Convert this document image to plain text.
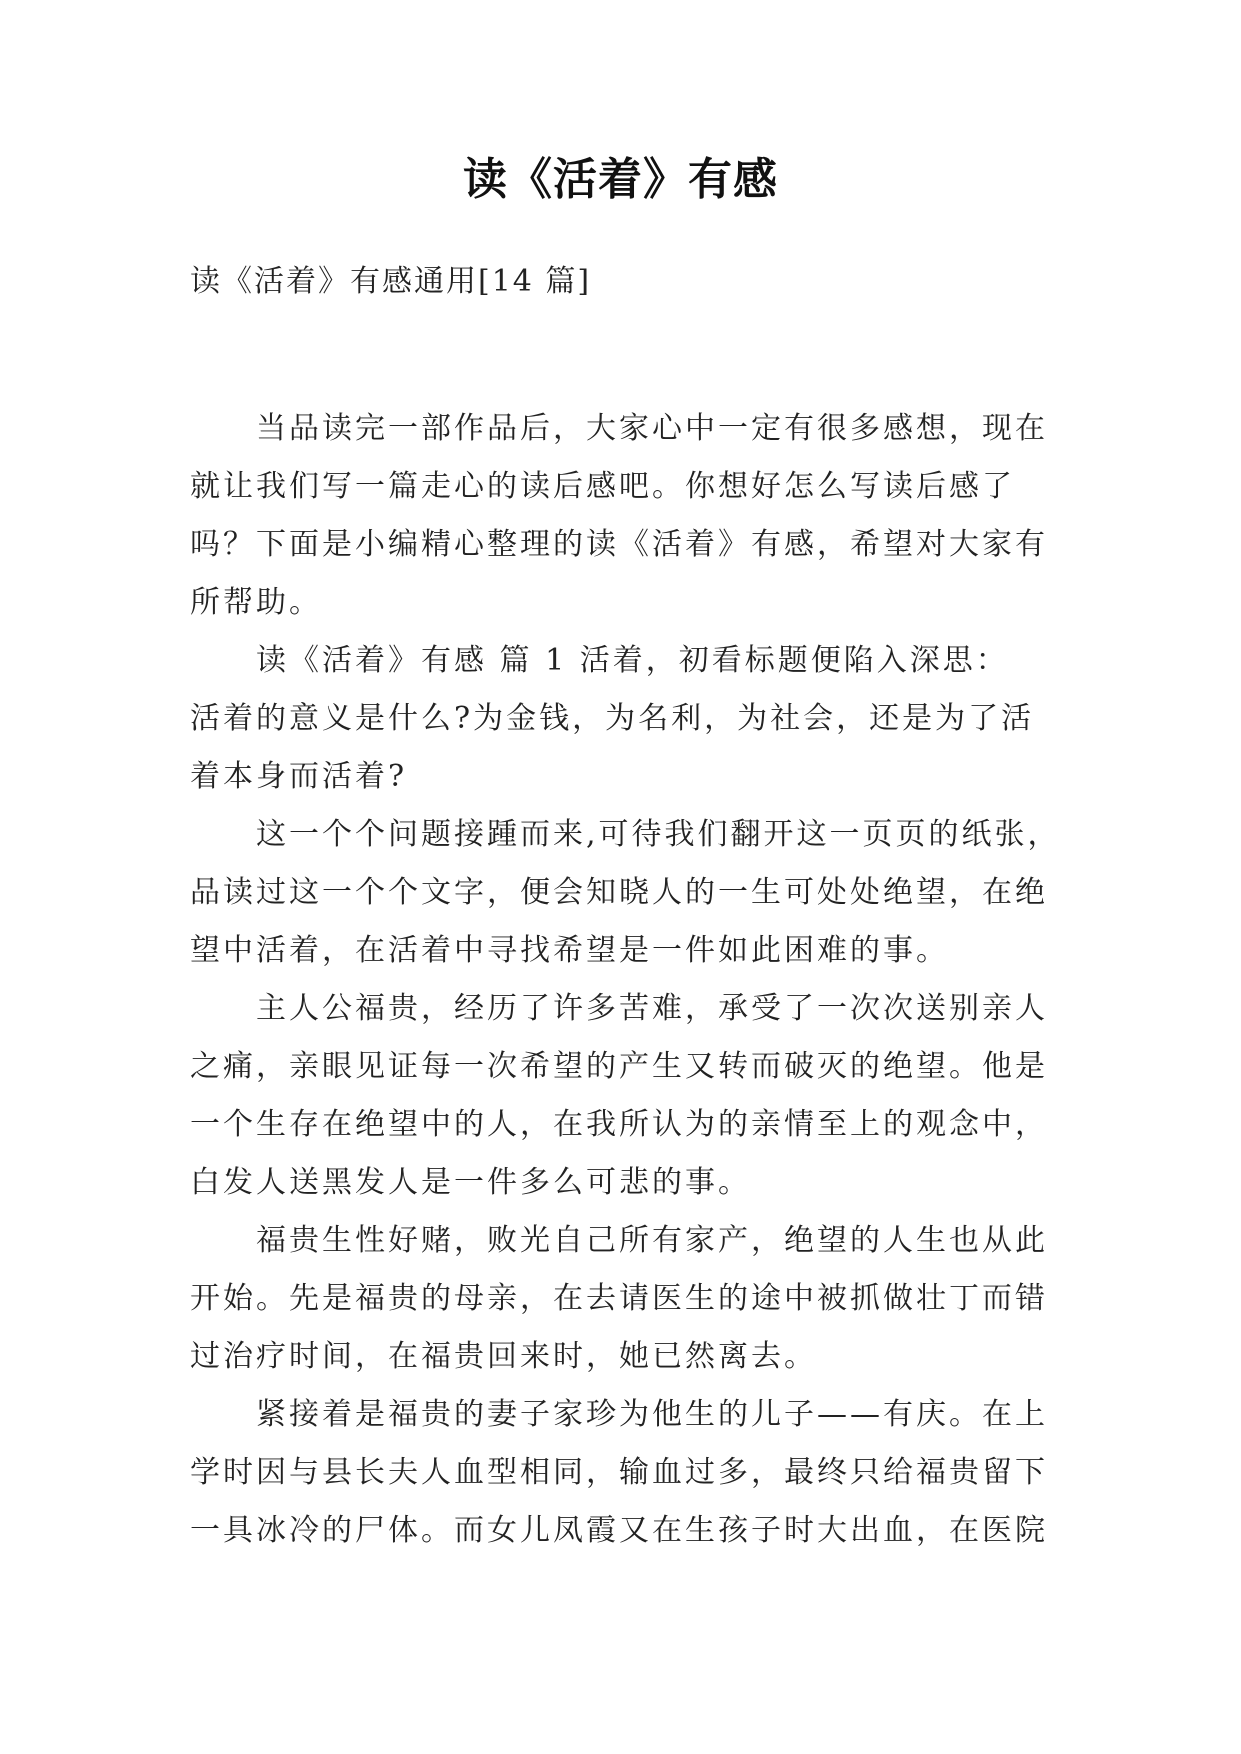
读《活着》有感
读《活着》有感通用[14 篇]
当品读完一部作品后，大家心中一定有很多感想，现在
就让我们写一篇走心的读后感吧。你想好怎么写读后感了
吗？下面是小编精心整理的读《活着》有感，希望对大家有
所帮助。
读《活着》有感 篇 1 活着，初看标题便陷入深思：
活着的意义是什么?为金钱，为名利，为社会，还是为了活
着本身而活着?
这一个个问题接踵而来,可待我们翻开这一页页的纸张，
品读过这一个个文字，便会知晓人的一生可处处绝望，在绝
望中活着，在活着中寻找希望是一件如此困难的事。
主人公福贵，经历了许多苦难，承受了一次次送别亲人
之痛，亲眼见证每一次希望的产生又转而破灭的绝望。他是
一个生存在绝望中的人，在我所认为的亲情至上的观念中，
白发人送黑发人是一件多么可悲的事。
福贵生性好赌，败光自己所有家产，绝望的人生也从此
开始。先是福贵的母亲，在去请医生的途中被抓做壮丁而错
过治疗时间，在福贵回来时，她已然离去。
紧接着是福贵的妻子家珍为他生的儿子——有庆。在上
学时因与县长夫人血型相同，输血过多，最终只给福贵留下
一具冰冷的尸体。而女儿凤霞又在生孩子时大出血，在医院
